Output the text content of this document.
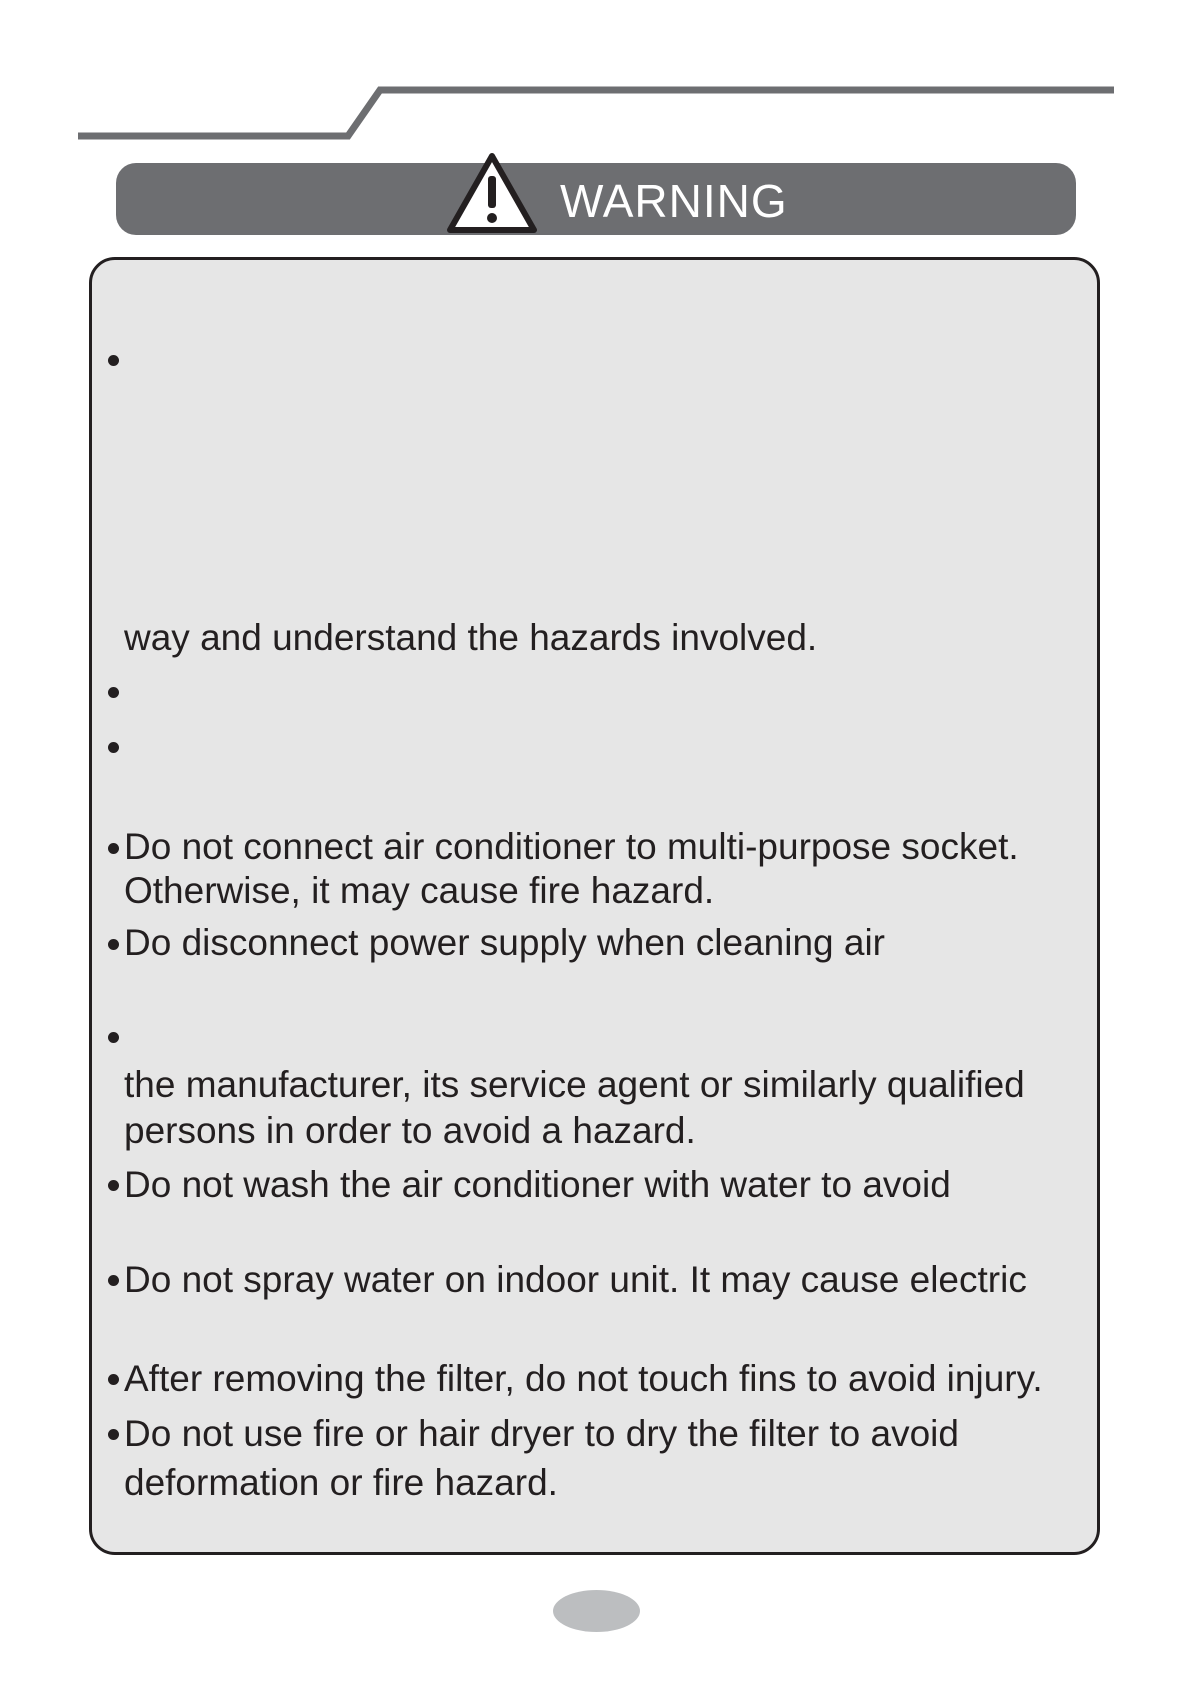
WARNING
way and understand the hazards involved.
Do not connect air conditioner to multi-purpose socket.
Otherwise, it may cause fire hazard.
Do disconnect power supply when cleaning air
the manufacturer, its service agent or similarly qualified
persons in order to avoid a hazard.
Do not wash the air conditioner with water to avoid
Do not spray water on indoor unit. It may cause electric
After removing the filter, do not touch fins to avoid injury.
Do not use fire or hair dryer to dry the filter to avoid
deformation or fire hazard.
